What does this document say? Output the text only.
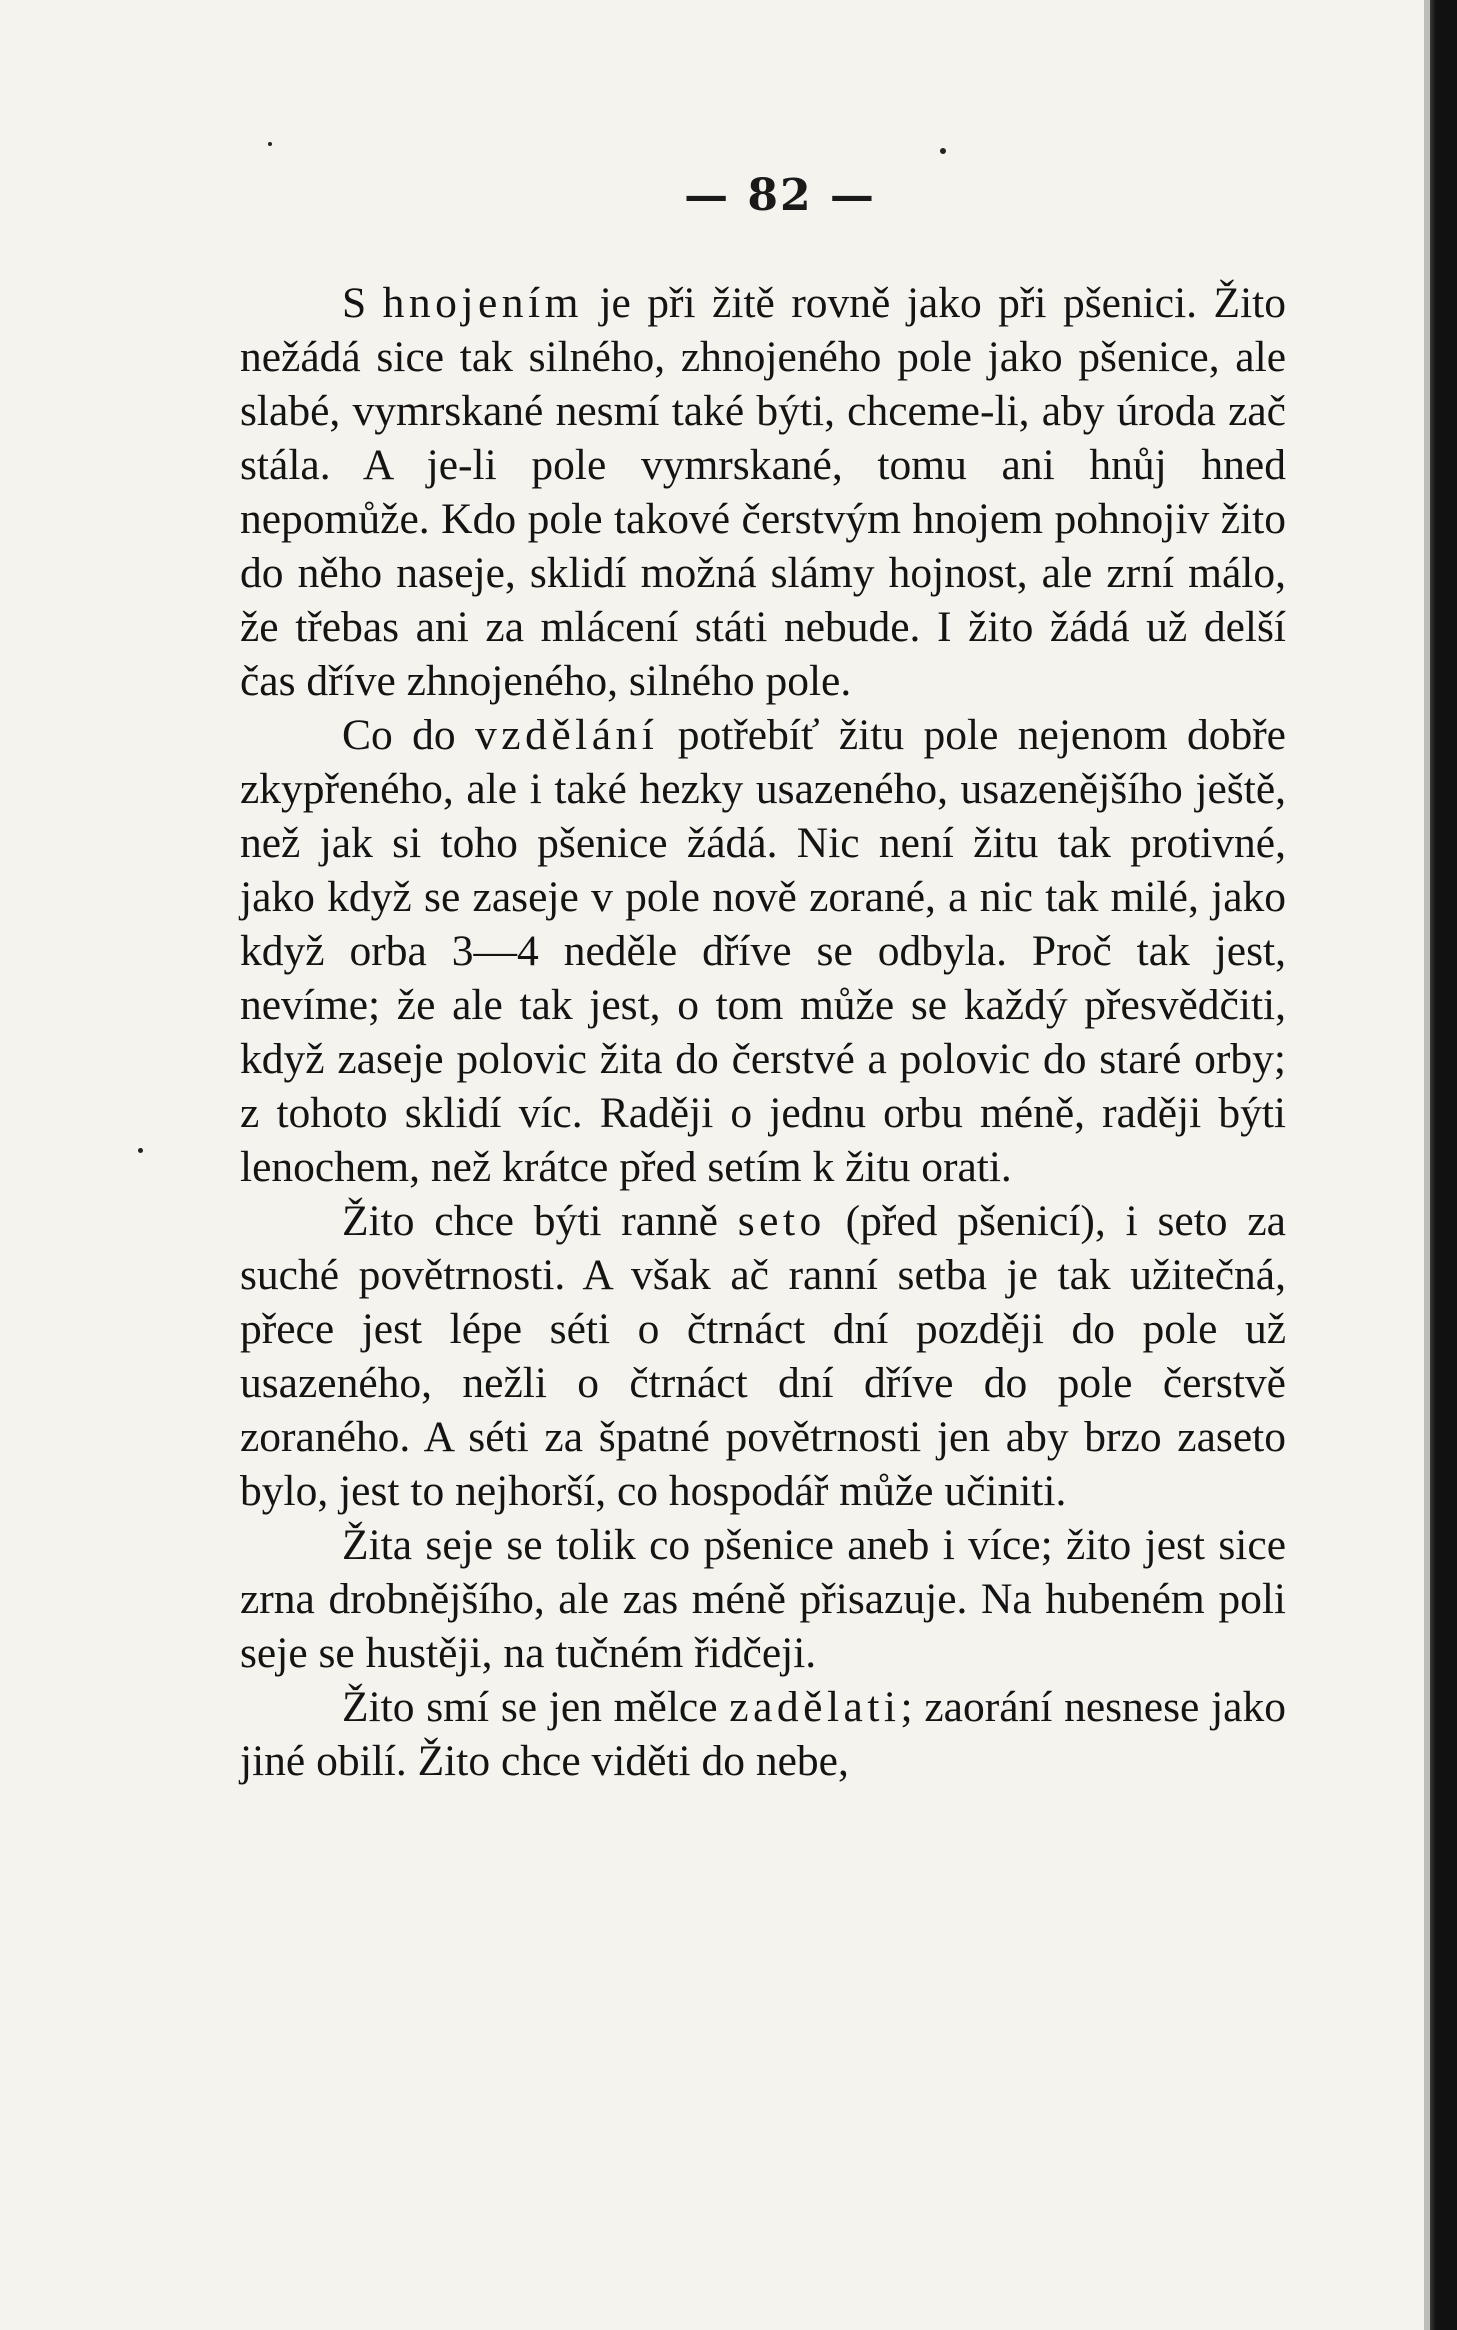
— 82 —

S hnojením je při žitě rovně jako při pšenici. Žito nežádá sice tak silného, zhnojeného pole jako pšenice, ale slabé, vymrskané nesmí také býti, chceme-li, aby úroda zač stála. A je-li pole vymrskané, tomu ani hnůj hned nepomůže. Kdo pole takové čerstvým hnojem pohnojiv žito do něho naseje, sklidí možná slámy hojnost, ale zrní málo, že třebas ani za mlácení státi nebude. I žito žádá už delší čas dříve zhnojeného, silného pole.

Co do vzdělání potřebíť žitu pole nejenom dobře zkypřeného, ale i také hezky usazeného, usazenějšího ještě, než jak si toho pšenice žádá. Nic není žitu tak protivné, jako když se zaseje v pole nově zorané, a nic tak milé, jako když orba 3—4 neděle dříve se odbyla. Proč tak jest, nevíme; že ale tak jest, o tom může se každý přesvědčiti, když zaseje polovic žita do čerstvé a polovic do staré orby; z tohoto sklidí víc. Raději o jednu orbu méně, raději býti lenochem, než krátce před setím k žitu orati.

Žito chce býti ranně seto (před pšenicí), i seto za suché povětrnosti. A však ač ranní setba je tak užitečná, přece jest lépe séti o čtrnáct dní později do pole už usazeného, nežli o čtrnáct dní dříve do pole čerstvě zoraného. A séti za špatné povětrnosti jen aby brzo zaseto bylo, jest to nejhorší, co hospodář může učiniti.

Žita seje se tolik co pšenice aneb i více; žito jest sice zrna drobnějšího, ale zas méně přisazuje. Na hubeném poli seje se hustěji, na tučném řidčeji.

Žito smí se jen mělce zadělati; zaorání nesnese jako jiné obilí. Žito chce viděti do nebe,
